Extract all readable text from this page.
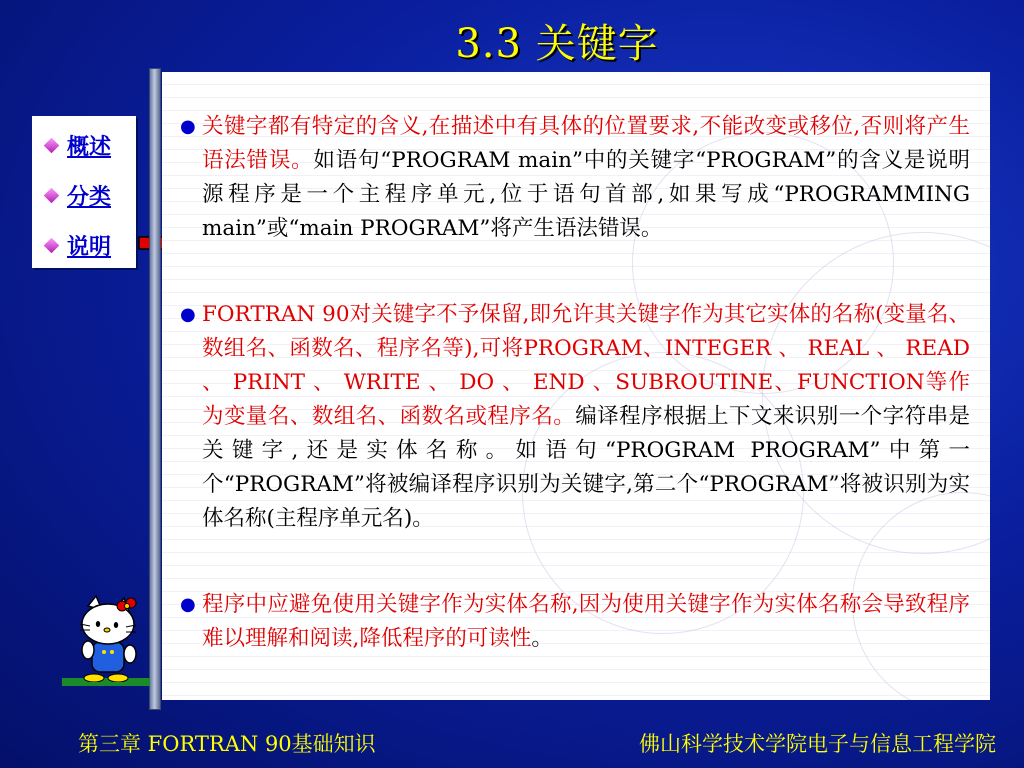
3.3 关键字
概述
分类
说明
● 关键字都有特定的含义,在描述中有具体的位置要求,不能改变或移位,否则将产生语法错误。如语句“PROGRAM main”中的关键字“PROGRAM”的含义是说明源程序是一个主程序单元,位于语句首部,如果写成“PROGRAMMING main”或“main PROGRAM”将产生语法错误。
● FORTRAN 90对关键字不予保留,即允许其关键字作为其它实体的名称(变量名、数组名、函数名、程序名等),可将PROGRAM、INTEGER 、 REAL 、 READ 、 PRINT 、 WRITE 、 DO 、 END 、SUBROUTINE、FUNCTION等作为变量名、数组名、函数名或程序名。编译程序根据上下文来识别一个字符串是关键字,还是实体名称。如语句“PROGRAM PROGRAM”中第一个“PROGRAM”将被编译程序识别为关键字,第二个“PROGRAM”将被识别为实体名称(主程序单元名)。
● 程序中应避免使用关键字作为实体名称,因为使用关键字作为实体名称会导致程序难以理解和阅读,降低程序的可读性。
第三章 FORTRAN 90基础知识	佛山科学技术学院电子与信息工程学院
